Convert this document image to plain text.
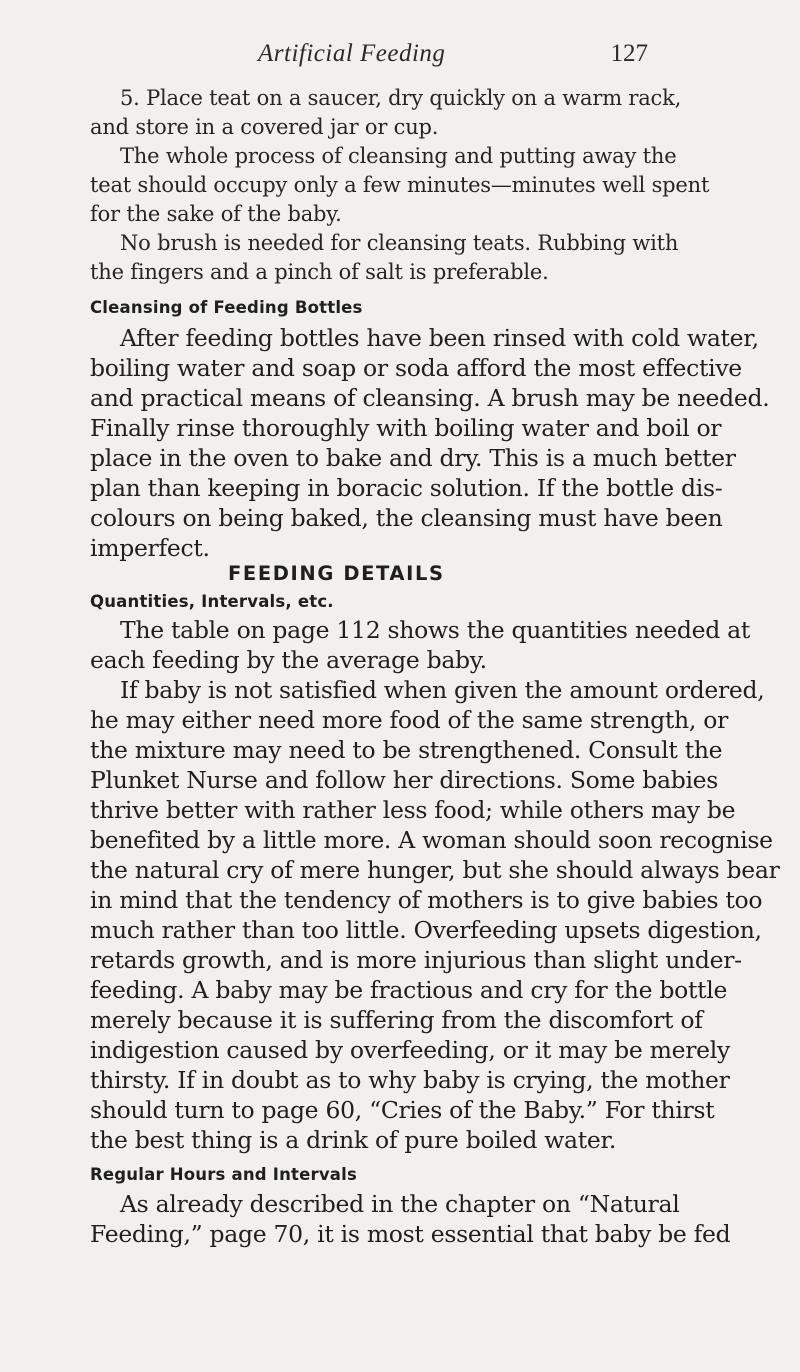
Artificial Feeding	127
5. Place teat on a saucer, dry quickly on a warm rack,
and store in a covered jar or cup.
The whole process of cleansing and putting away the
teat should occupy only a few minutes—minutes well spent
for the sake of the baby.
No brush is needed for cleansing teats. Rubbing with
the fingers and a pinch of salt is preferable.
Cleansing of Feeding Bottles
After feeding bottles have been rinsed with cold water,
boiling water and soap or soda afford the most effective
and practical means of cleansing. A brush may be needed.
Finally rinse thoroughly with boiling water and boil or
place in the oven to bake and dry. This is a much better
plan than keeping in boracic solution. If the bottle dis-
colours on being baked, the cleansing must have been
imperfect.
FEEDING DETAILS
Quantities, Intervals, etc.
The table on page 112 shows the quantities needed at
each feeding by the average baby.
If baby is not satisfied when given the amount ordered,
he may either need more food of the same strength, or
the mixture may need to be strengthened. Consult the
Plunket Nurse and follow her directions. Some babies
thrive better with rather less food; while others may be
benefited by a little more. A woman should soon recognise
the natural cry of mere hunger, but she should always bear
in mind that the tendency of mothers is to give babies too
much rather than too little. Overfeeding upsets digestion,
retards growth, and is more injurious than slight under-
feeding. A baby may be fractious and cry for the bottle
merely because it is suffering from the discomfort of
indigestion caused by overfeeding, or it may be merely
thirsty. If in doubt as to why baby is crying, the mother
should turn to page 60, “Cries of the Baby.” For thirst
the best thing is a drink of pure boiled water.
Regular Hours and Intervals
As already described in the chapter on “Natural
Feeding,” page 70, it is most essential that baby be fed
